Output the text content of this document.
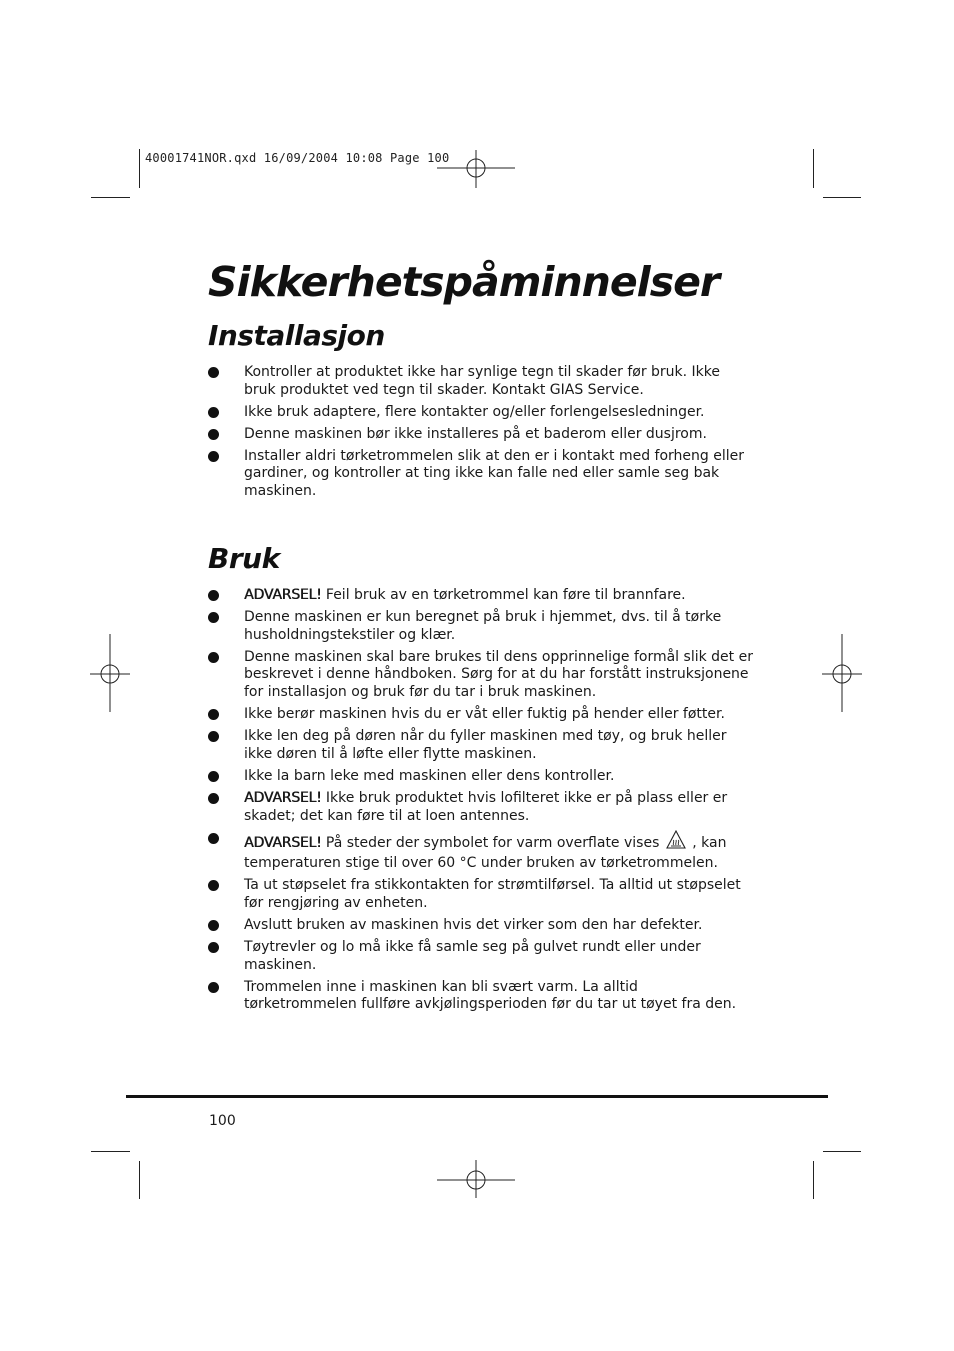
40001741NOR.qxd 16/09/2004 10:08 Page 100
Sikkerhetspåminnelser
Installasjon
Kontroller at produktet ikke har synlige tegn til skader før bruk. Ikke bruk produktet ved tegn til skader. Kontakt GIAS Service.
Ikke bruk adaptere, flere kontakter og/eller forlengelsesledninger.
Denne maskinen bør ikke installeres på et baderom eller dusjrom.
Installer aldri tørketrommelen slik at den er i kontakt med forheng eller gardiner, og kontroller at ting ikke kan falle ned eller samle seg bak maskinen.
Bruk
ADVARSEL! Feil bruk av en tørketrommel kan føre til brannfare.
Denne maskinen er kun beregnet på bruk i hjemmet, dvs. til å tørke husholdningstekstiler og klær.
Denne maskinen skal bare brukes til dens opprinnelige formål slik det er beskrevet i denne håndboken. Sørg for at du har forstått instruksjonene for installasjon og bruk før du tar i bruk maskinen.
Ikke berør maskinen hvis du er våt eller fuktig på hender eller føtter.
Ikke len deg på døren når du fyller maskinen med tøy, og bruk heller ikke døren til å løfte eller flytte maskinen.
Ikke la barn leke med maskinen eller dens kontroller.
ADVARSEL! Ikke bruk produktet hvis lofilteret ikke er på plass eller er skadet; det kan føre til at loen antennes.
ADVARSEL! På steder der symbolet for varm overflate vises  , kan temperaturen stige til over 60 °C under bruken av tørketrommelen.
Ta ut støpselet fra stikkontakten for strømtilførsel. Ta alltid ut støpselet før rengjøring av enheten.
Avslutt bruken av maskinen hvis det virker som den har defekter.
Tøytrevler og lo må ikke få samle seg på gulvet rundt eller under maskinen.
Trommelen inne i maskinen kan bli svært varm. La alltid tørketrommelen fullføre avkjølingsperioden før du tar ut tøyet fra den.
100
